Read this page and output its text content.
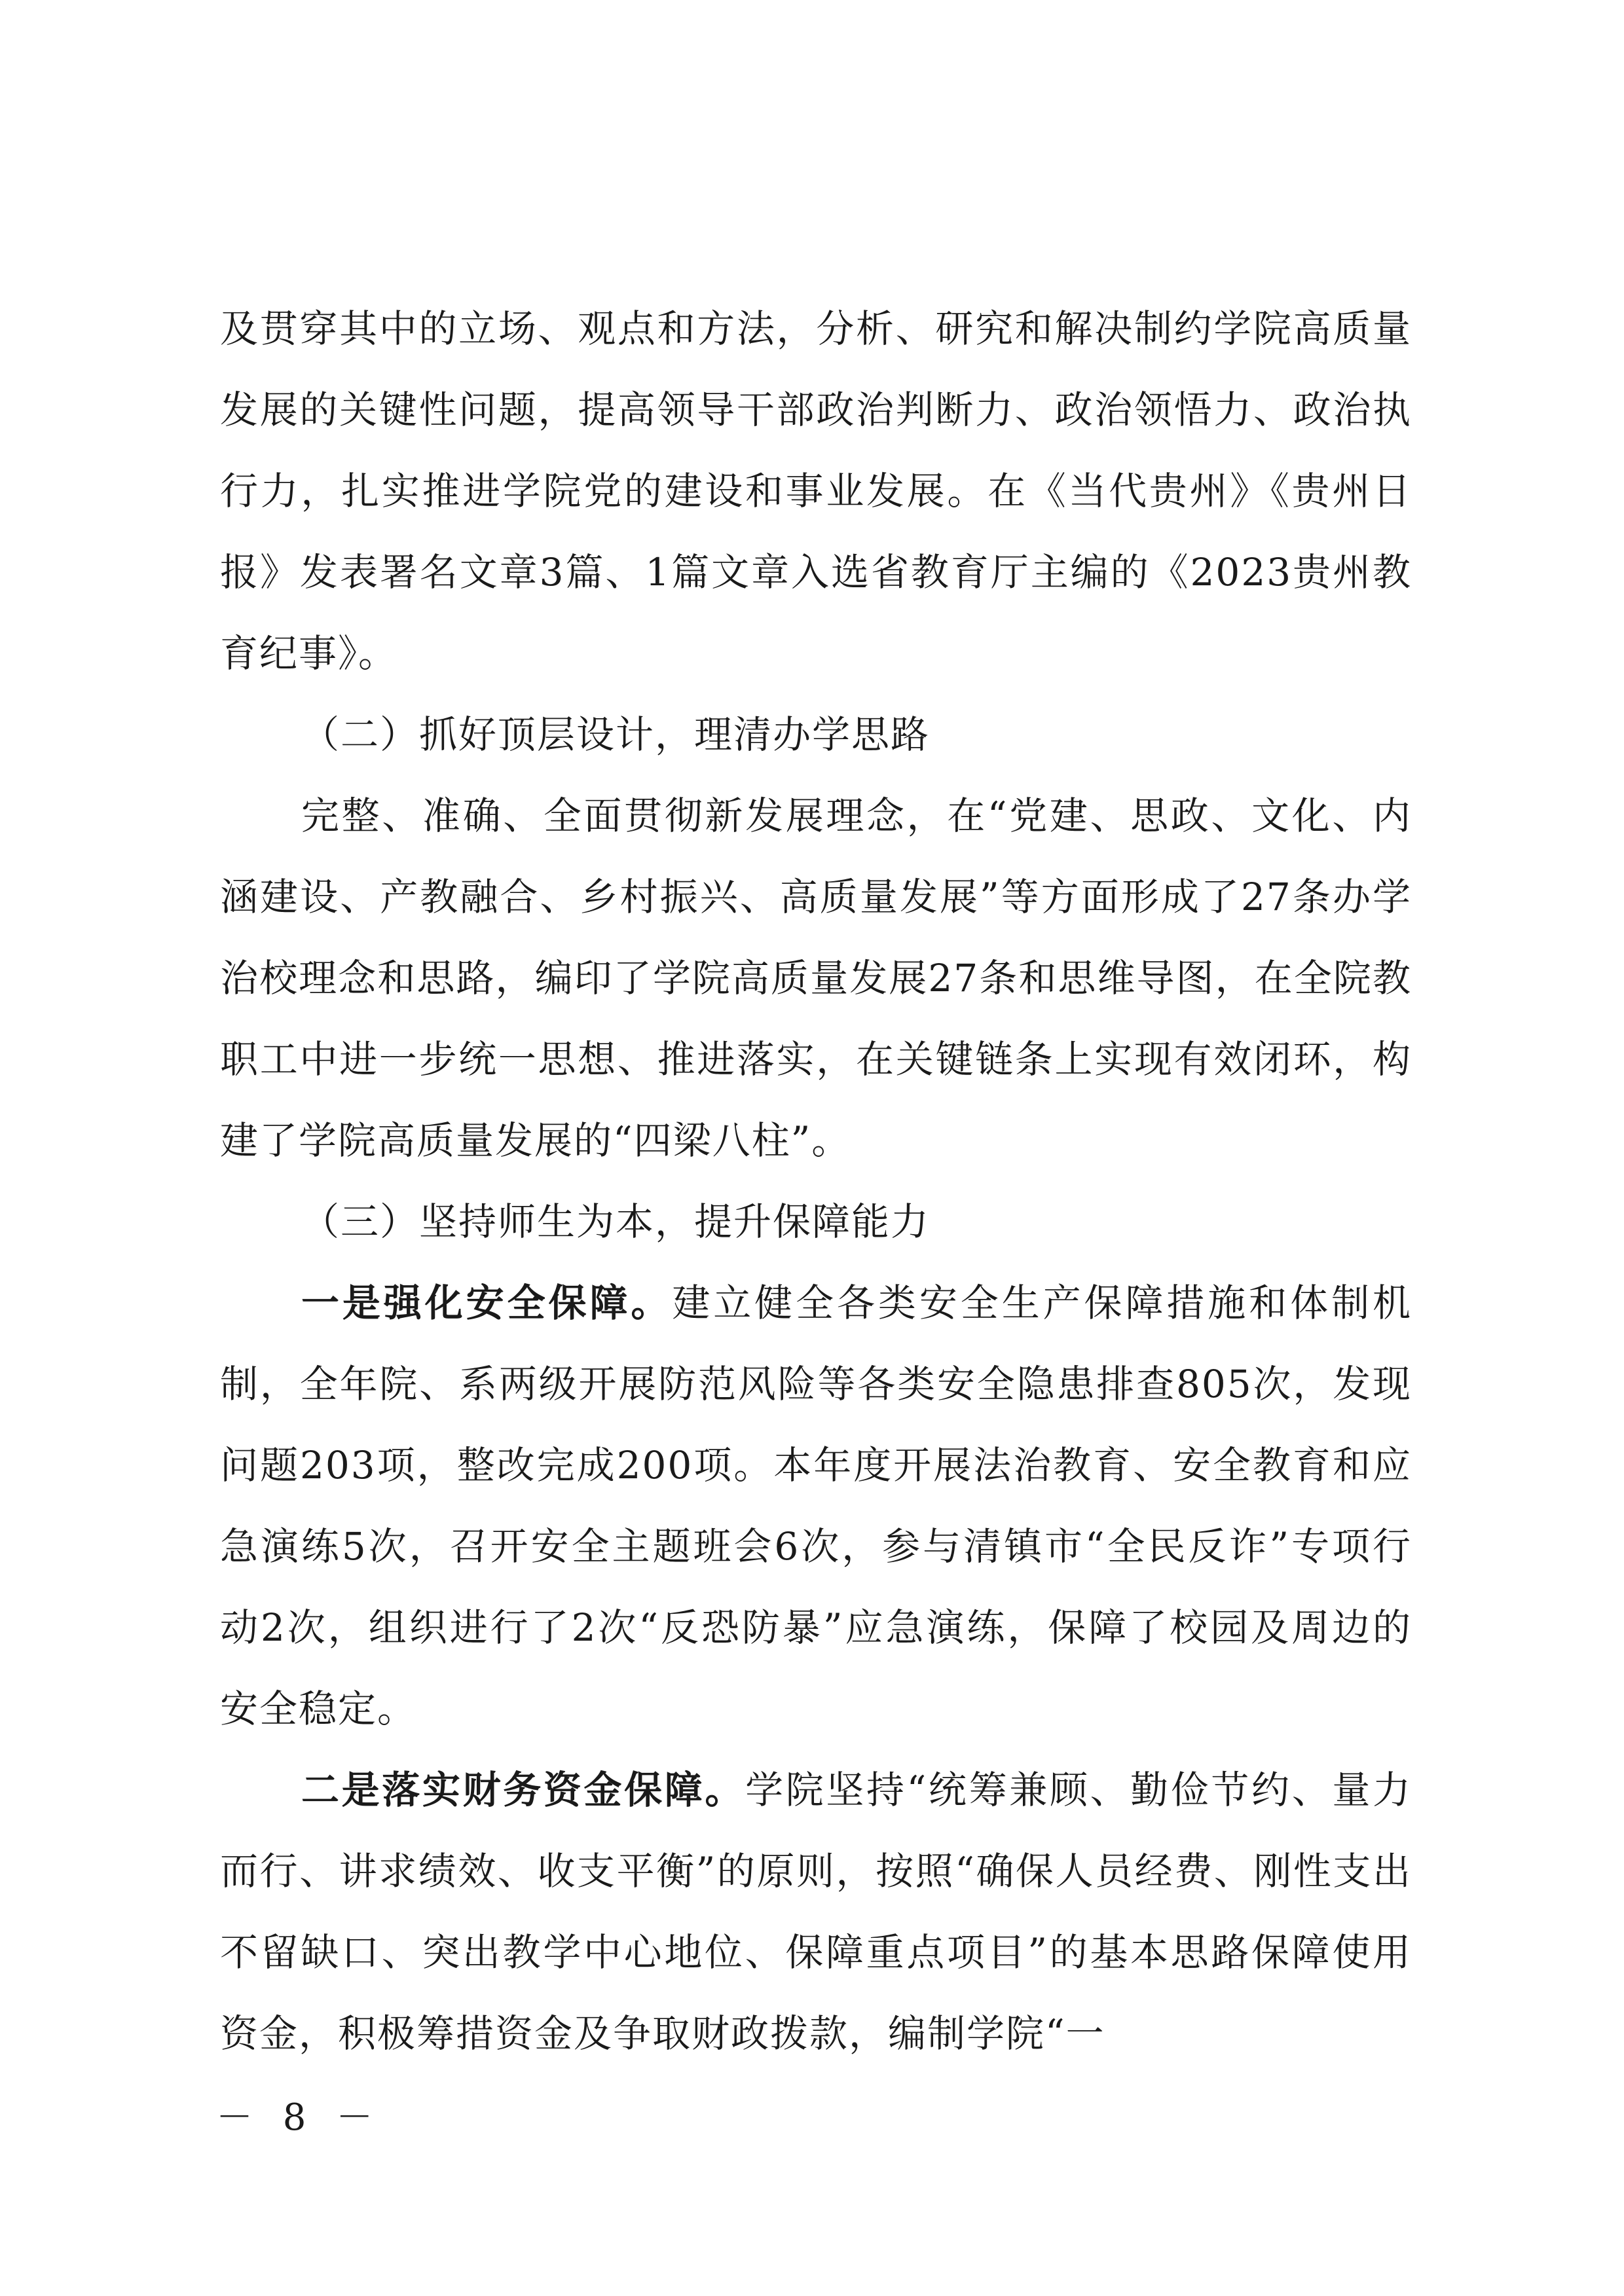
及贯穿其中的立场、观点和方法，分析、研究和解决制约学院高质量发展的关键性问题，提高领导干部政治判断力、政治领悟力、政治执行力，扎实推进学院党的建设和事业发展。在《当代贵州》《贵州日报》发表署名文章3篇、1篇文章入选省教育厅主编的《2023贵州教育纪事》。

（二）抓好顶层设计，理清办学思路

完整、准确、全面贯彻新发展理念，在“党建、思政、文化、内涵建设、产教融合、乡村振兴、高质量发展”等方面形成了27条办学治校理念和思路，编印了学院高质量发展27条和思维导图，在全院教职工中进一步统一思想、推进落实，在关键链条上实现有效闭环，构建了学院高质量发展的“四梁八柱”。

（三）坚持师生为本，提升保障能力

一是强化安全保障。建立健全各类安全生产保障措施和体制机制，全年院、系两级开展防范风险等各类安全隐患排查805次，发现问题203项，整改完成200项。本年度开展法治教育、安全教育和应急演练5次，召开安全主题班会6次，参与清镇市“全民反诈”专项行动2次，组织进行了2次“反恐防暴”应急演练，保障了校园及周边的安全稳定。

二是落实财务资金保障。学院坚持“统筹兼顾、勤俭节约、量力而行、讲求绩效、收支平衡”的原则，按照“确保人员经费、刚性支出不留缺口、突出教学中心地位、保障重点项目”的基本思路保障使用资金，积极筹措资金及争取财政拨款，编制学院“一

－ 8 －
